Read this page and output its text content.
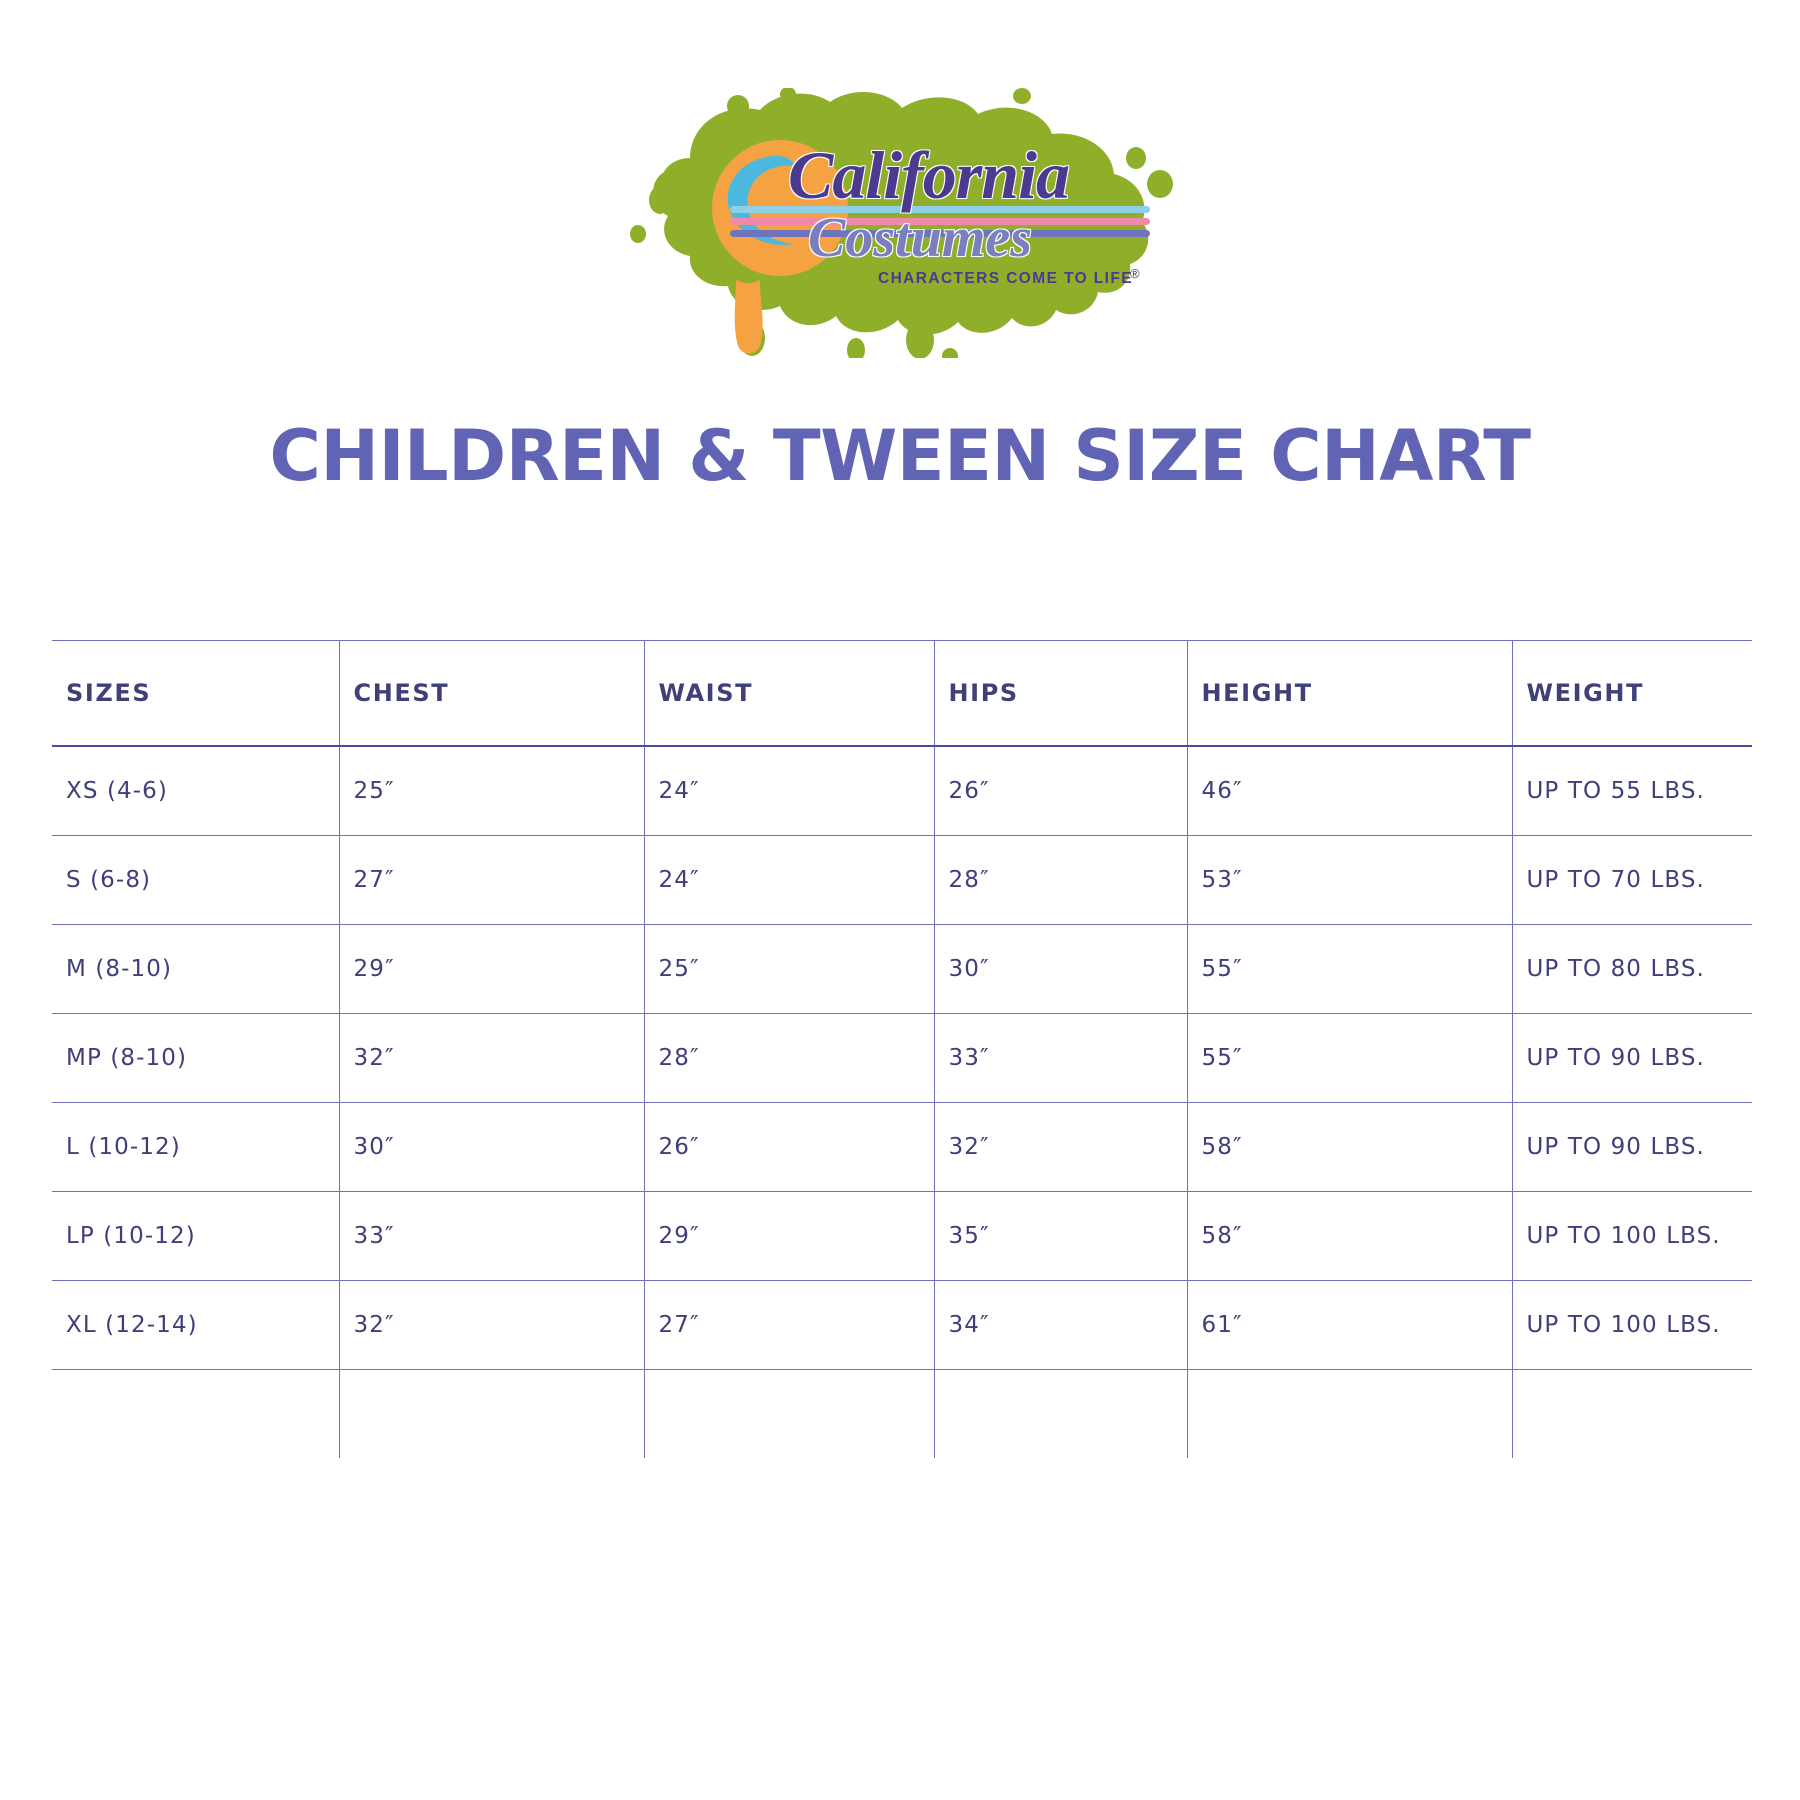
California
Costumes
CHARACTERS COME TO LIFE
®
CHILDREN & TWEEN SIZE CHART
SIZES	CHEST	WAIST	HIPS	HEIGHT	WEIGHT
XS (4-6)	25″	24″	26″	46″	UP TO 55 LBS.
S (6-8)	27″	24″	28″	53″	UP TO 70 LBS.
M (8-10)	29″	25″	30″	55″	UP TO 80 LBS.
MP (8-10)	32″	28″	33″	55″	UP TO 90 LBS.
L (10-12)	30″	26″	32″	58″	UP TO 90 LBS.
LP (10-12)	33″	29″	35″	58″	UP TO 100 LBS.
XL (12-14)	32″	27″	34″	61″	UP TO 100 LBS.
